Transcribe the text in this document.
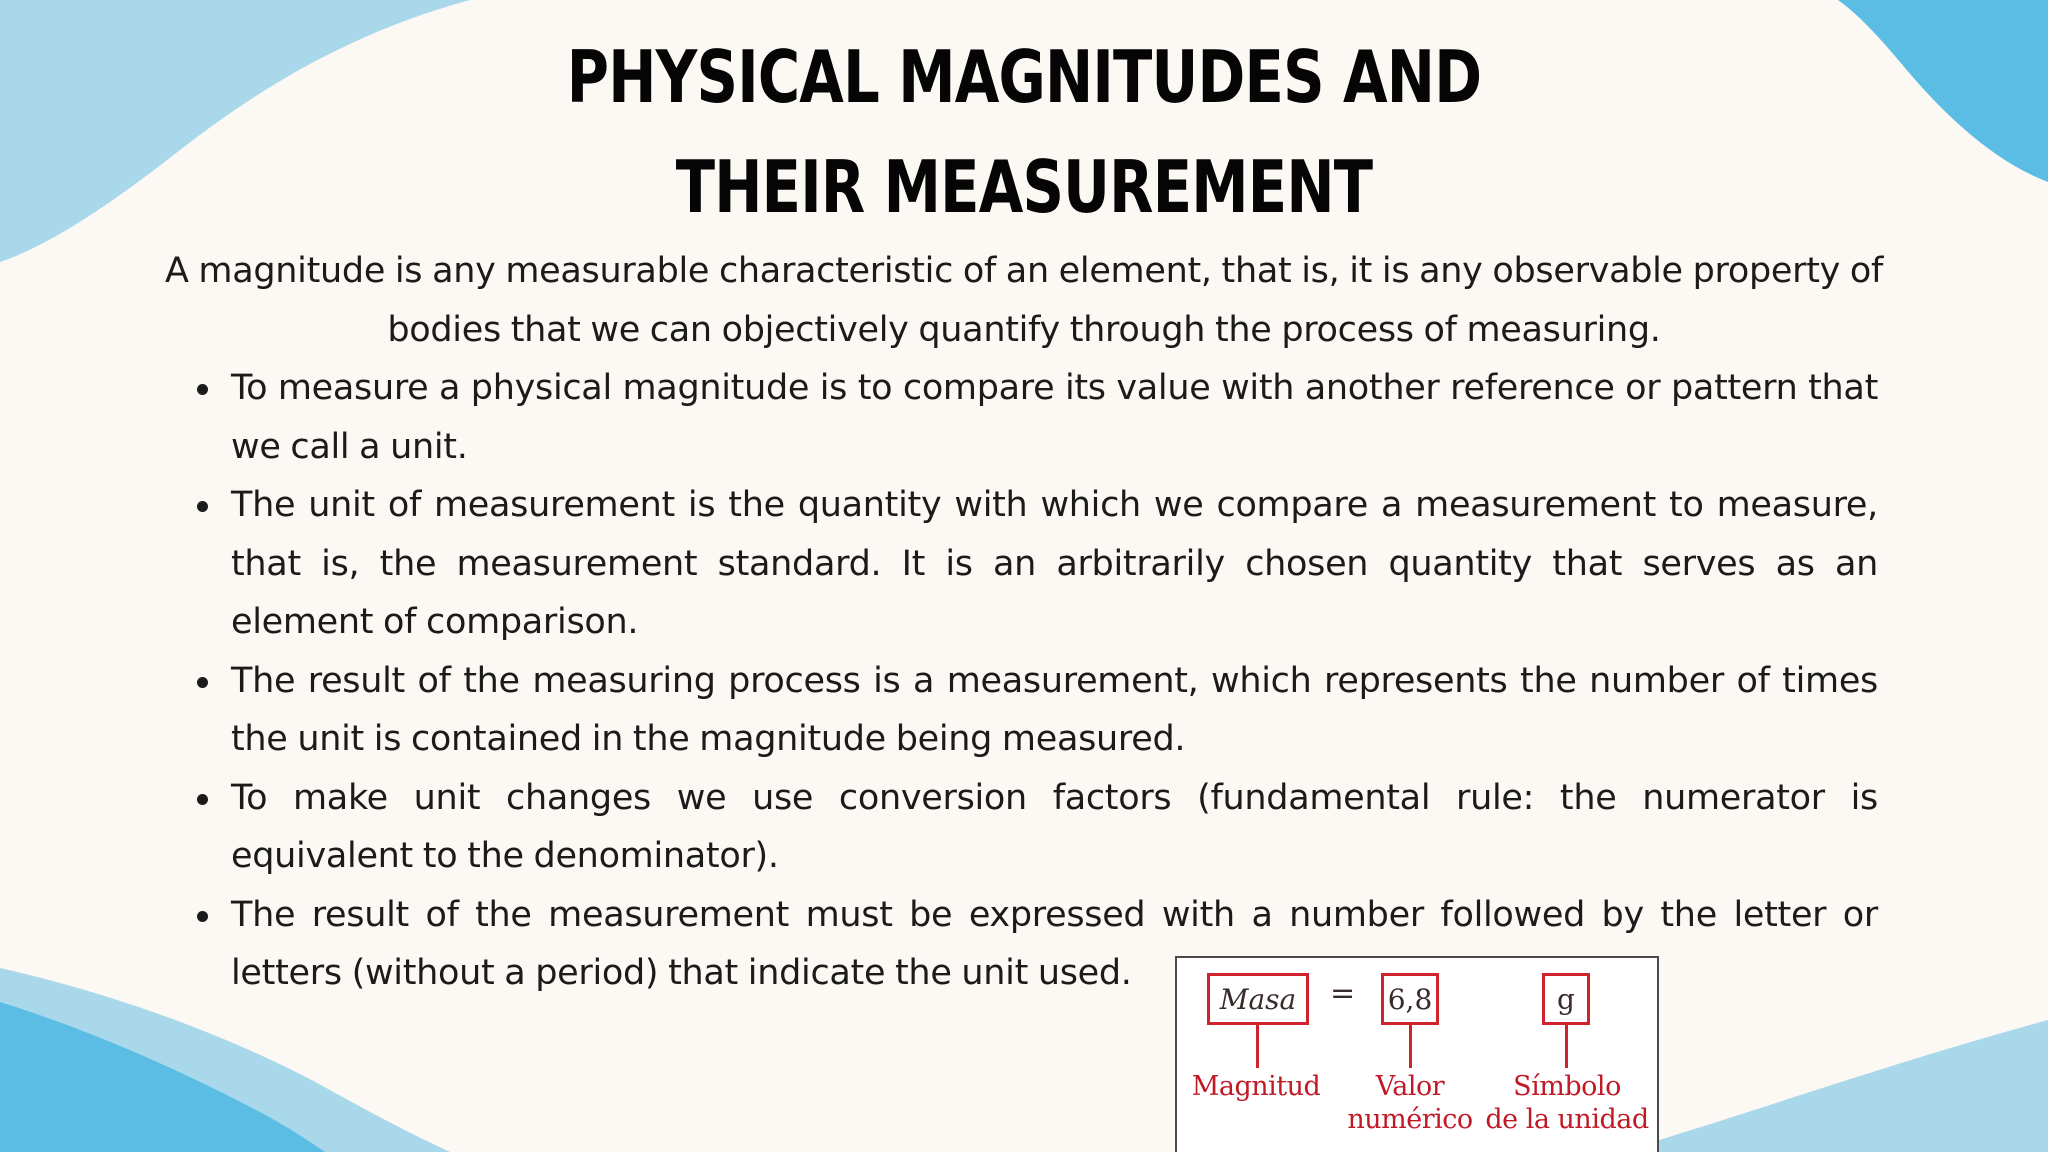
PHYSICAL MAGNITUDES AND THEIR MEASUREMENT

A magnitude is any measurable characteristic of an element, that is, it is any observable property of bodies that we can objectively quantify through the process of measuring.

To measure a physical magnitude is to compare its value with another reference or pattern that we call a unit.
The unit of measurement is the quantity with which we compare a measurement to measure, that is, the measurement standard. It is an arbitrarily chosen quantity that serves as an element of comparison.
The result of the measuring process is a measurement, which represents the number of times the unit is contained in the magnitude being measured.
To make unit changes we use conversion factors (fundamental rule: the numerator is equivalent to the denominator).
The result of the measurement must be expressed with a number followed by the letter or letters (without a period) that indicate the unit used.
Masa	= 6,8	g
Magnitud	Valor
numérico
Símbolo
de la unidad
